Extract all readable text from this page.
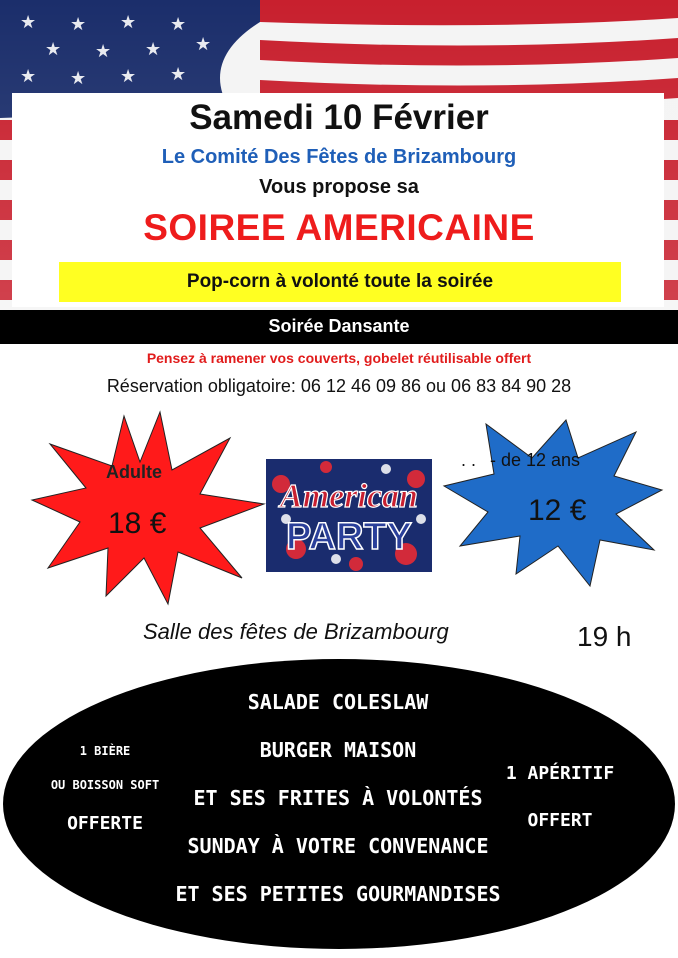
Samedi 10 Février
Le Comité Des Fêtes de Brizambourg
Vous propose sa
SOIREE AMERICAINE
Pop-corn à volonté toute la soirée
Soirée Dansante
Pensez à ramener vos couverts, gobelet réutilisable offert
Réservation obligatoire: 06 12 46 09 86 ou 06 83 84 90 28
Adulte
18 €
American
PARTY
. . - de 12 ans
12 €
Salle des fêtes de Brizambourg	19 h
SALADE COLESLAW
BURGER MAISON
ET SES FRITES À VOLONTÉS
SUNDAY À VOTRE CONVENANCE
ET SES PETITES GOURMANDISES
1 BIÈRE
OU BOISSON SOFT
OFFERTE
1 APÉRITIF
OFFERT
